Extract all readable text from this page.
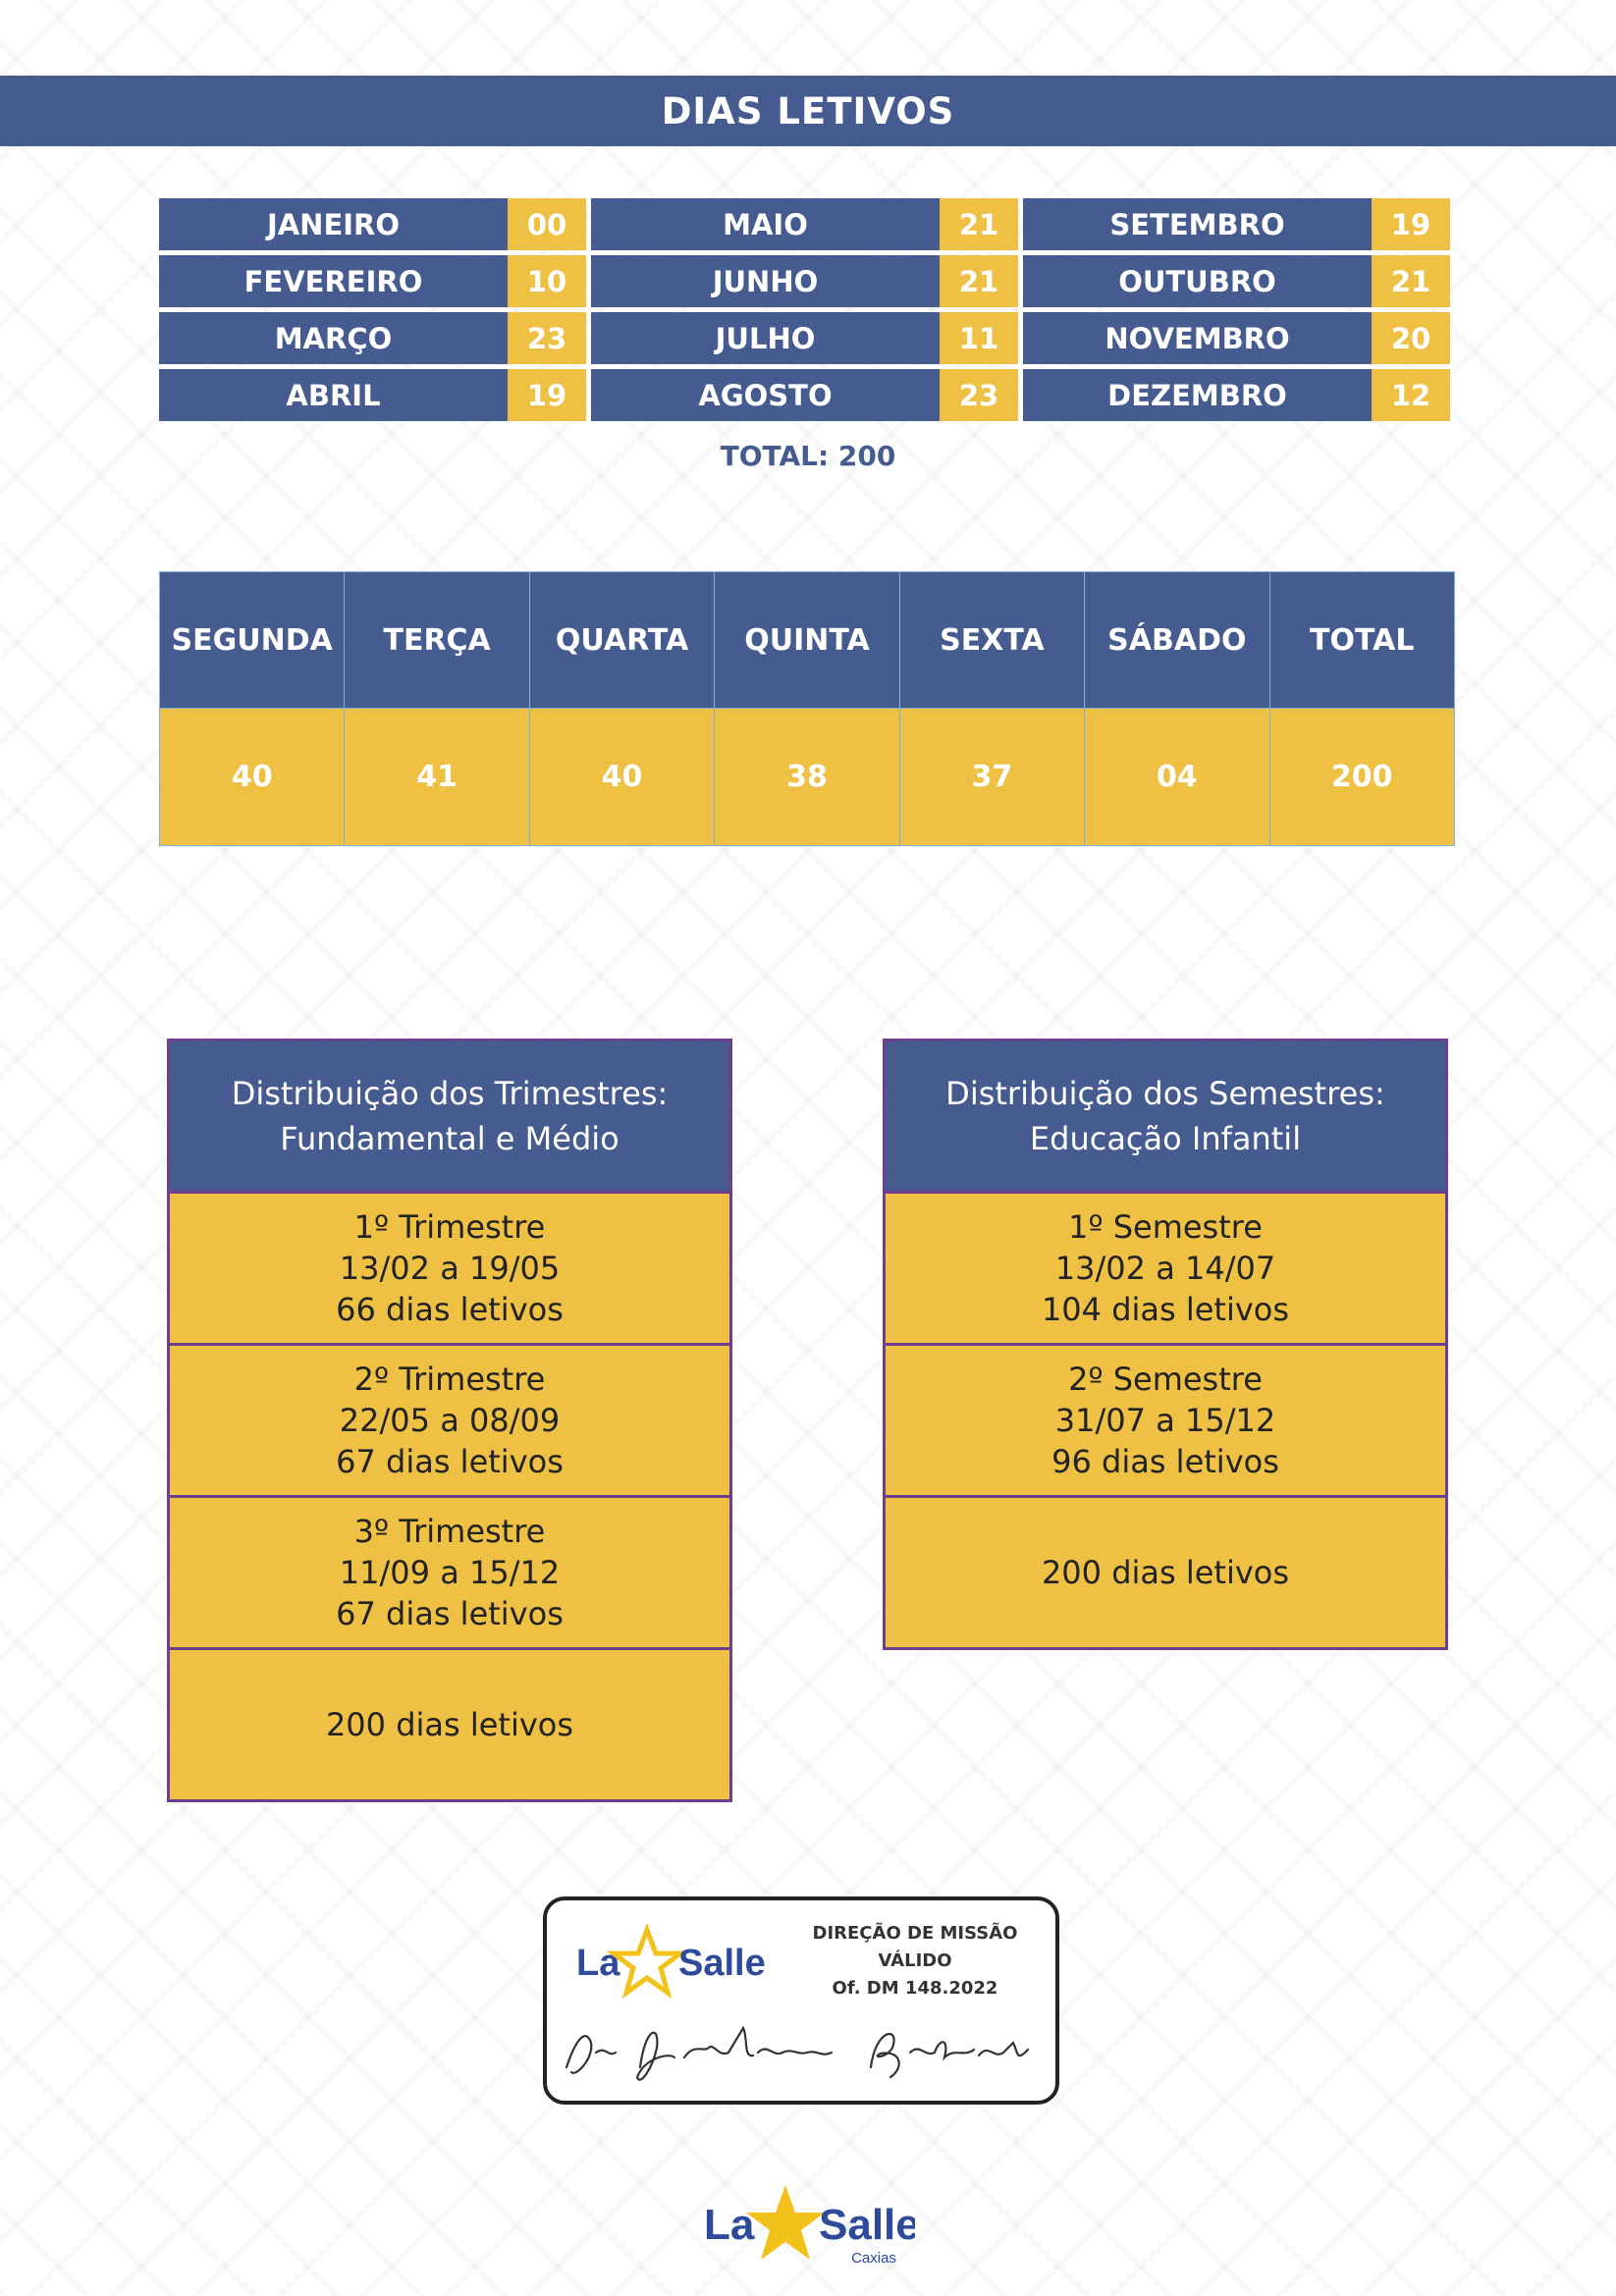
DIAS LETIVOS
JANEIRO	00	MAIO	21	SETEMBRO	19
FEVEREIRO	10	JUNHO	21	OUTUBRO	21
MARÇO	23	JULHO	11	NOVEMBRO	20
ABRIL	19	AGOSTO	23	DEZEMBRO	12
TOTAL: 200
SEGUNDA	TERÇA	QUARTA	QUINTA	SEXTA	SÁBADO	TOTAL
40	41	40	38	37	04	200
Distribuição dos Trimestres:
Fundamental e Médio
1º Trimestre
13/02 a 19/05
66 dias letivos
2º Trimestre
22/05 a 08/09
67 dias letivos
3º Trimestre
11/09 a 15/12
67 dias letivos
200 dias letivos
Distribuição dos Semestres:
Educação Infantil
1º Semestre
13/02 a 14/07
104 dias letivos
2º Semestre
31/07 a 15/12
96 dias letivos
200 dias letivos
La Salle
DIREÇÃO DE MISSÃO
VÁLIDO
Of. DM 148.2022
La Salle
Caxias
